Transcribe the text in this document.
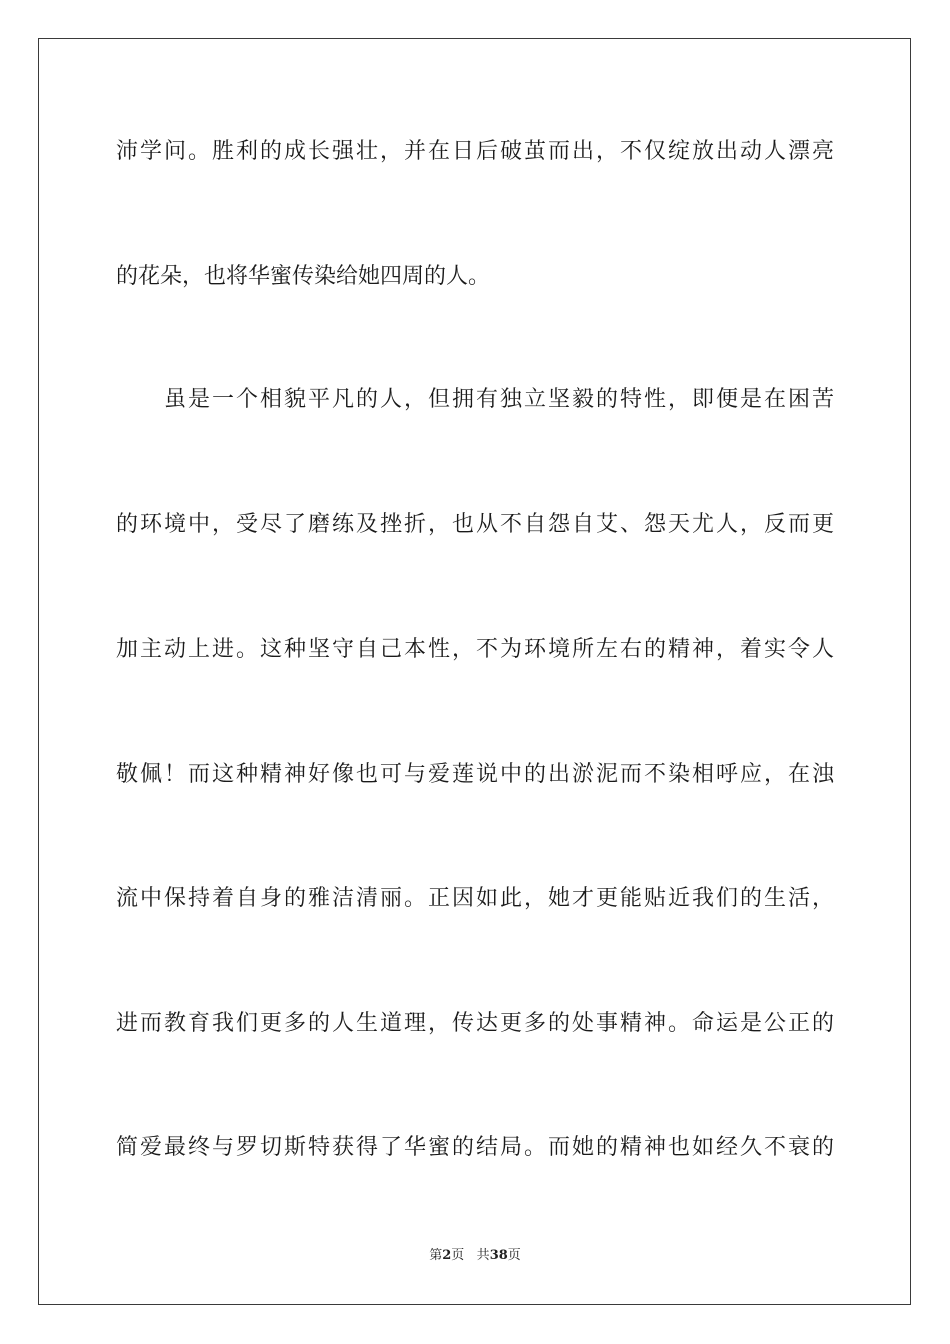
沛学问。胜利的成长强壮，并在日后破茧而出，不仅绽放出动人漂亮
的花朵，也将华蜜传染给她四周的人。
虽是一个相貌平凡的人，但拥有独立坚毅的特性，即便是在困苦
的环境中，受尽了磨练及挫折，也从不自怨自艾、怨天尤人，反而更
加主动上进。这种坚守自己本性，不为环境所左右的精神，着实令人
敬佩！而这种精神好像也可与爱莲说中的出淤泥而不染相呼应，在浊
流中保持着自身的雅洁清丽。正因如此，她才更能贴近我们的生活，
进而教育我们更多的人生道理，传达更多的处事精神。命运是公正的
简爱最终与罗切斯特获得了华蜜的结局。而她的精神也如经久不衰的
第2页 共38页
